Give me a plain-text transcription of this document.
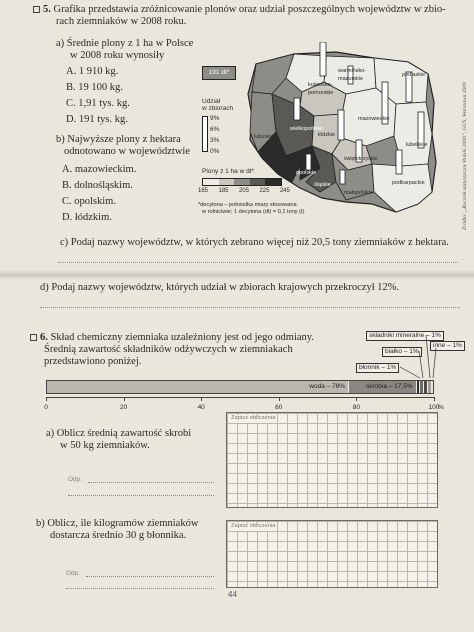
5. Grafika przedstawia zróżnicowanie plonów oraz udział poszczególnych województw w zbio-
rach ziemniaków w 2008 roku.
a) Średnie plony z 1 ha w Polsce
w 2008 roku wynosiły
A. 1 910 kg.
B. 19 100 kg.
C. 1,91 tys. kg.
D. 191 tys. kg.
b) Najwyższe plony z hektara
odnotowano w województwie
A. mazowieckim.
B. dolnośląskim.
C. opolskim.
D. łódzkim.
191 dt*
kujawsko-pomorskie
warmińsko-mazurskie
podlaskie
wielkopolskie
lubuskie
mazowieckie
łódzkie
lubelskie
świętokrzyskie
opolskie
śląskie	podkarpackie
małopolskie
Udział
w zbiorach
9%
6%
3%
0%
Plony z 1 ha w dt*
165 185 205 225 245
*decytona – jednostka miary stosowana
w rolnictwie; 1 decytona (dt) = 0,1 tony (t)	Źródło: „Rocznik statystyczny Polski 2009”, GUS, Warszawa 2009
c) Podaj nazwy województw, w których zebrano więcej niż 20,5 tony ziemniaków z hektara.
d) Podaj nazwy województw, których udział w zbiorach krajowych przekroczył 12%.
6. Skład chemiczny ziemniaka uzależniony jest od jego odmiany.
Średnią zawartość składników odżywczych w ziemniakach
przedstawiono poniżej.
składniki mineralne – 1%
białko – 1%
błonnik – 1%
inne – 1%
woda – 78%	skrobia – 17,5%
0	20	40	60	80	100
%
a) Oblicz średnią zawartość skrobi
w 50 kg ziemniaków.
Zapisz obliczenia
Odp.
b) Oblicz, ile kilogramów ziemniaków
dostarcza średnio 30 g błonnika.
Zapisz obliczenia
Odp.
44
